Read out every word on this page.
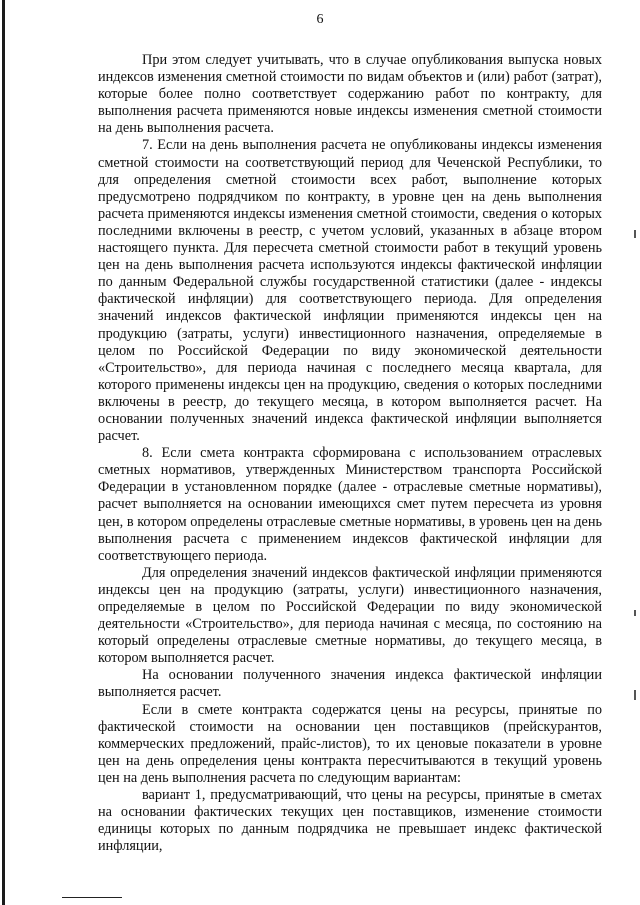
6

При этом следует учитывать, что в случае опубликования выпуска новых индексов изменения сметной стоимости по видам объектов и (или) работ (затрат), которые более полно соответствует содержанию работ по контракту, для выполнения расчета применяются новые индексы изменения сметной стоимости на день выполнения расчета.

7. Если на день выполнения расчета не опубликованы индексы изменения сметной стоимости на соответствующий период для Чеченской Республики, то для определения сметной стоимости всех работ, выполнение которых предусмотрено подрядчиком по контракту, в уровне цен на день выполнения расчета применяются индексы изменения сметной стоимости, сведения о которых последними включены в реестр, с учетом условий, указанных в абзаце втором настоящего пункта. Для пересчета сметной стоимости работ в текущий уровень цен на день выполнения расчета используются индексы фактической инфляции по данным Федеральной службы государственной статистики (далее - индексы фактической инфляции) для соответствующего периода. Для определения значений индексов фактической инфляции применяются индексы цен на продукцию (затраты, услуги) инвестиционного назначения, определяемые в целом по Российской Федерации по виду экономической деятельности «Строительство», для периода начиная с последнего месяца квартала, для которого применены индексы цен на продукцию, сведения о которых последними включены в реестр, до текущего месяца, в котором выполняется расчет. На основании полученных значений индекса фактической инфляции выполняется расчет.

8. Если смета контракта сформирована с использованием отраслевых сметных нормативов, утвержденных Министерством транспорта Российской Федерации в установленном порядке (далее - отраслевые сметные нормативы), расчет выполняется на основании имеющихся смет путем пересчета из уровня цен, в котором определены отраслевые сметные нормативы, в уровень цен на день выполнения расчета с применением индексов фактической инфляции для соответствующего периода.

Для определения значений индексов фактической инфляции применяются индексы цен на продукцию (затраты, услуги) инвестиционного назначения, определяемые в целом по Российской Федерации по виду экономической деятельности «Строительство», для периода начиная с месяца, по состоянию на который определены отраслевые сметные нормативы, до текущего месяца, в котором выполняется расчет.

На основании полученного значения индекса фактической инфляции выполняется расчет.

Если в смете контракта содержатся цены на ресурсы, принятые по фактической стоимости на основании цен поставщиков (прейскурантов, коммерческих предложений, прайс-листов), то их ценовые показатели в уровне цен на день определения цены контракта пересчитываются в текущий уровень цен на день выполнения расчета по следующим вариантам:

вариант 1, предусматривающий, что цены на ресурсы, принятые в сметах на основании фактических текущих цен поставщиков, изменение стоимости единицы которых по данным подрядчика не превышает индекс фактической инфляции,
